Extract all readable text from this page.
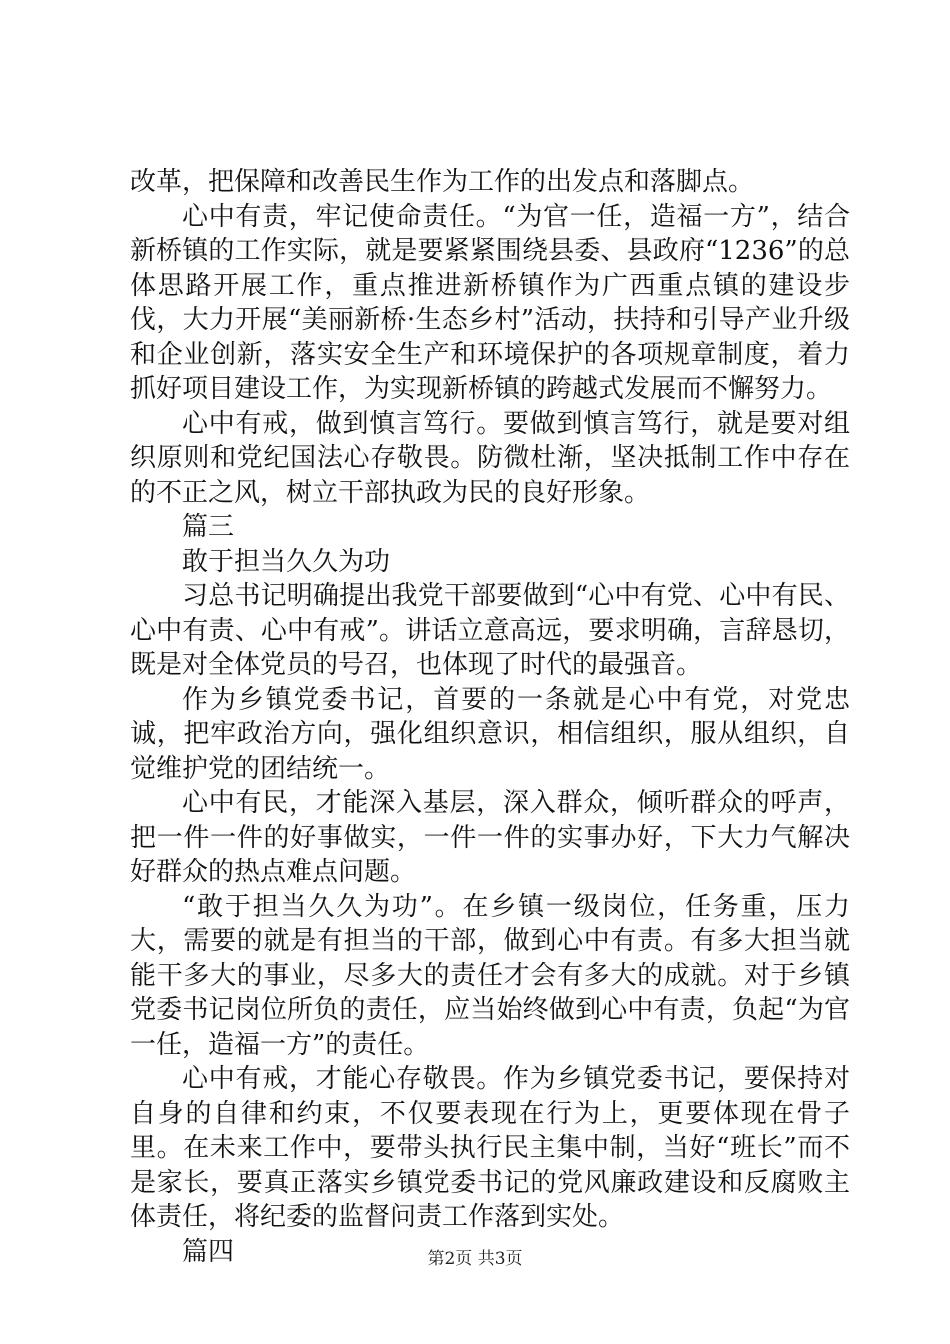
改革，把保障和改善民生作为工作的出发点和落脚点。

心中有责，牢记使命责任。“为官一任，造福一方”，结合新桥镇的工作实际，就是要紧紧围绕县委、县政府“1236”的总体思路开展工作，重点推进新桥镇作为广西重点镇的建设步伐，大力开展“美丽新桥·生态乡村”活动，扶持和引导产业升级和企业创新，落实安全生产和环境保护的各项规章制度，着力抓好项目建设工作，为实现新桥镇的跨越式发展而不懈努力。

心中有戒，做到慎言笃行。要做到慎言笃行，就是要对组织原则和党纪国法心存敬畏。防微杜渐，坚决抵制工作中存在的不正之风，树立干部执政为民的良好形象。

篇三

敢于担当久久为功

习总书记明确提出我党干部要做到“心中有党、心中有民、心中有责、心中有戒”。讲话立意高远，要求明确，言辞恳切，既是对全体党员的号召，也体现了时代的最强音。

作为乡镇党委书记，首要的一条就是心中有党，对党忠诚，把牢政治方向，强化组织意识，相信组织，服从组织，自觉维护党的团结统一。

心中有民，才能深入基层，深入群众，倾听群众的呼声，把一件一件的好事做实，一件一件的实事办好，下大力气解决好群众的热点难点问题。

“敢于担当久久为功”。在乡镇一级岗位，任务重，压力大，需要的就是有担当的干部，做到心中有责。有多大担当就能干多大的事业，尽多大的责任才会有多大的成就。对于乡镇党委书记岗位所负的责任，应当始终做到心中有责，负起“为官一任，造福一方”的责任。

心中有戒，才能心存敬畏。作为乡镇党委书记，要保持对自身的自律和约束，不仅要表现在行为上，更要体现在骨子里。在未来工作中，要带头执行民主集中制，当好“班长”而不是家长，要真正落实乡镇党委书记的党风廉政建设和反腐败主体责任，将纪委的监督问责工作落到实处。

篇四	第2页 共3页
